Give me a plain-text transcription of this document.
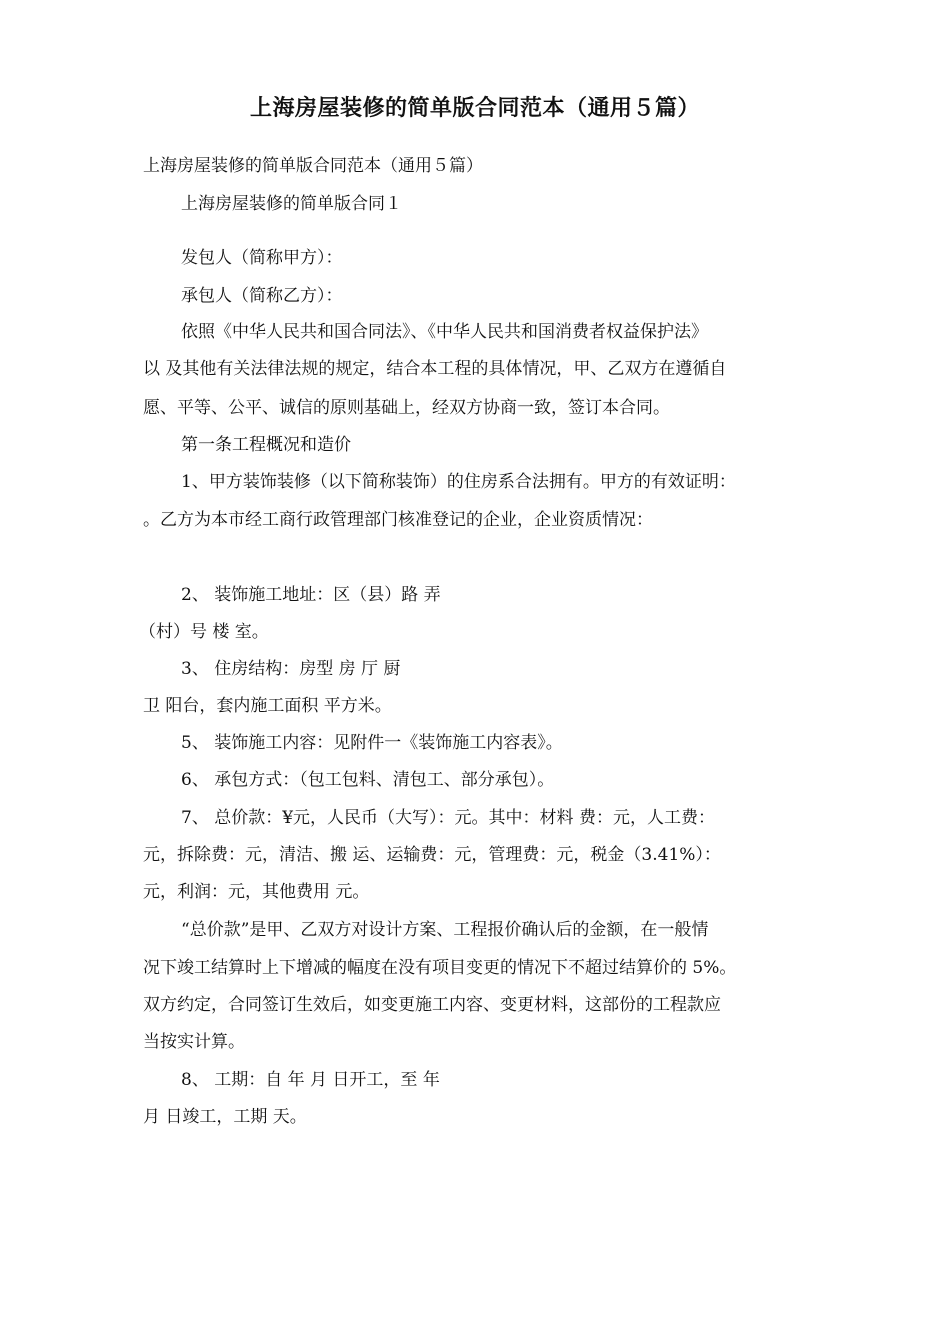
上海房屋装修的简单版合同范本（通用５篇）
上海房屋装修的简单版合同范本（通用５篇）
上海房屋装修的简单版合同１
发包人（简称甲方）：
承包人（简称乙方）：
依照《中华人民共和国合同法》、《中华人民共和国消费者权益保护法》
以 及其他有关法律法规的规定，结合本工程的具体情况，甲、乙双方在遵循自
愿、平等、公平、诚信的原则基础上，经双方协商一致，签订本合同。
第一条工程概况和造价
1、甲方装饰装修（以下简称装饰）的住房系合法拥有。甲方的有效证明：
。乙方为本市经工商行政管理部门核准登记的企业，企业资质情况：
2、 装饰施工地址：区（县）路 弄
（村）号 楼 室。
3、 住房结构：房型 房 厅 厨
卫 阳台，套内施工面积 平方米。
5、 装饰施工内容：见附件一《装饰施工内容表》。
6、 承包方式：（包工包料、清包工、部分承包）。
7、 总价款：¥元，人民币（大写）：元。其中：材料 费：元，人工费：
元，拆除费：元，清洁、搬 运、运输费：元，管理费：元，税金（3.41%）：
元，利润：元，其他费用 元。
“总价款”是甲、乙双方对设计方案、工程报价确认后的金额，在一般情
况下竣工结算时上下增减的幅度在没有项目变更的情况下不超过结算价的 5%。
双方约定，合同签订生效后，如变更施工内容、变更材料，这部份的工程款应
当按实计算。
8、 工期：自 年 月 日开工，至 年
月 日竣工，工期 天。
